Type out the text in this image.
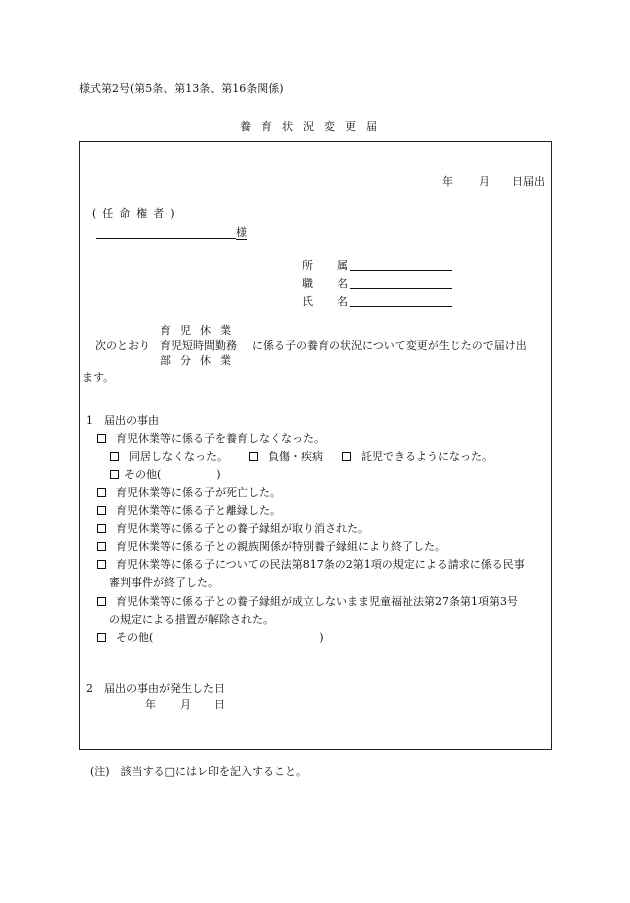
様式第2号(第5条、第13条、第16条関係)
養育状況変更届
年 月 日届出
(任命権者)
様
所属
職名
氏名
育児休業
次のとおり 育児短時間勤務 に係る子の養育の状況について変更が生じたので届け出
部分休業
ます。
1　届出の事由
育児休業等に係る子を養育しなくなった。
同居しなくなった。	負傷・疾病	託児できるようになった。
その他(　　　　　)
育児休業等に係る子が死亡した。
育児休業等に係る子と離縁した。
育児休業等に係る子との養子縁組が取り消された。
育児休業等に係る子との親族関係が特別養子縁組により終了した。
育児休業等に係る子についての民法第817条の2第1項の規定による請求に係る民事
審判事件が終了した。
育児休業等に係る子との養子縁組が成立しないまま児童福祉法第27条第1項第3号
の規定による措置が解除された。
その他(	)
2　届出の事由が発生した日
年 月 日
(注)　該当する□にはレ印を記入すること。
